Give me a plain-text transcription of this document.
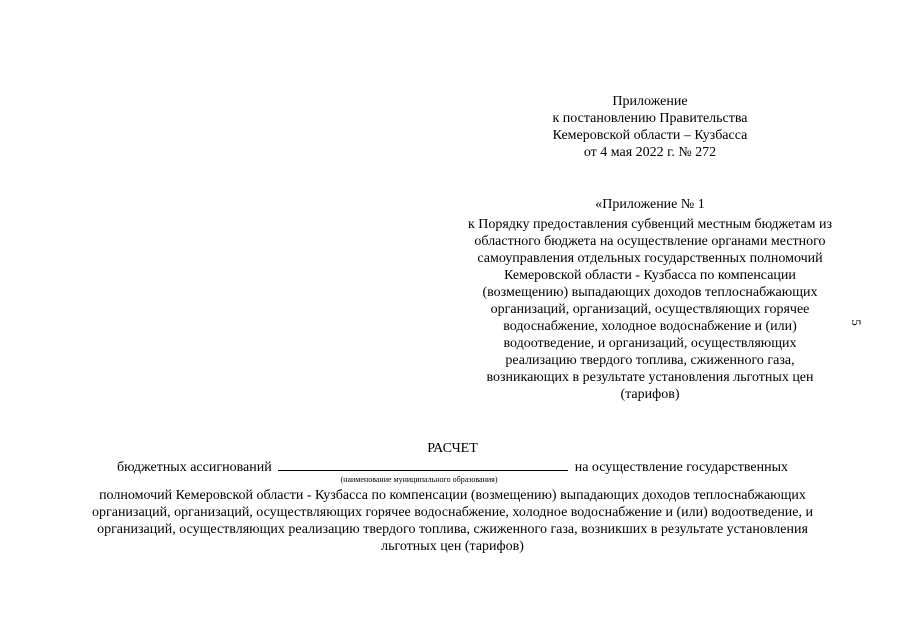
Приложение
к постановлению Правительства
Кемеровской области – Кузбасса
от 4 мая 2022 г. № 272
«Приложение № 1
к Порядку предоставления субвенций местным бюджетам из
областного бюджета на осуществление органами местного
самоуправления отдельных государственных полномочий
Кемеровской области - Кузбасса по компенсации
(возмещению) выпадающих доходов теплоснабжающих
организаций, организаций, осуществляющих горячее
водоснабжение, холодное водоснабжение и (или)
водоотведение, и организаций, осуществляющих
реализацию твердого топлива, сжиженного газа,
возникающих в результате установления льготных цен
(тарифов)
5
РАСЧЕТ
бюджетных ассигнований	на осуществление государственных
(наименование муниципального образования)
полномочий Кемеровской области - Кузбасса по компенсации (возмещению) выпадающих доходов теплоснабжающих
организаций, организаций, осуществляющих горячее водоснабжение, холодное водоснабжение и (или) водоотведение, и
организаций, осуществляющих реализацию твердого топлива, сжиженного газа, возникших в результате установления
льготных цен (тарифов)
